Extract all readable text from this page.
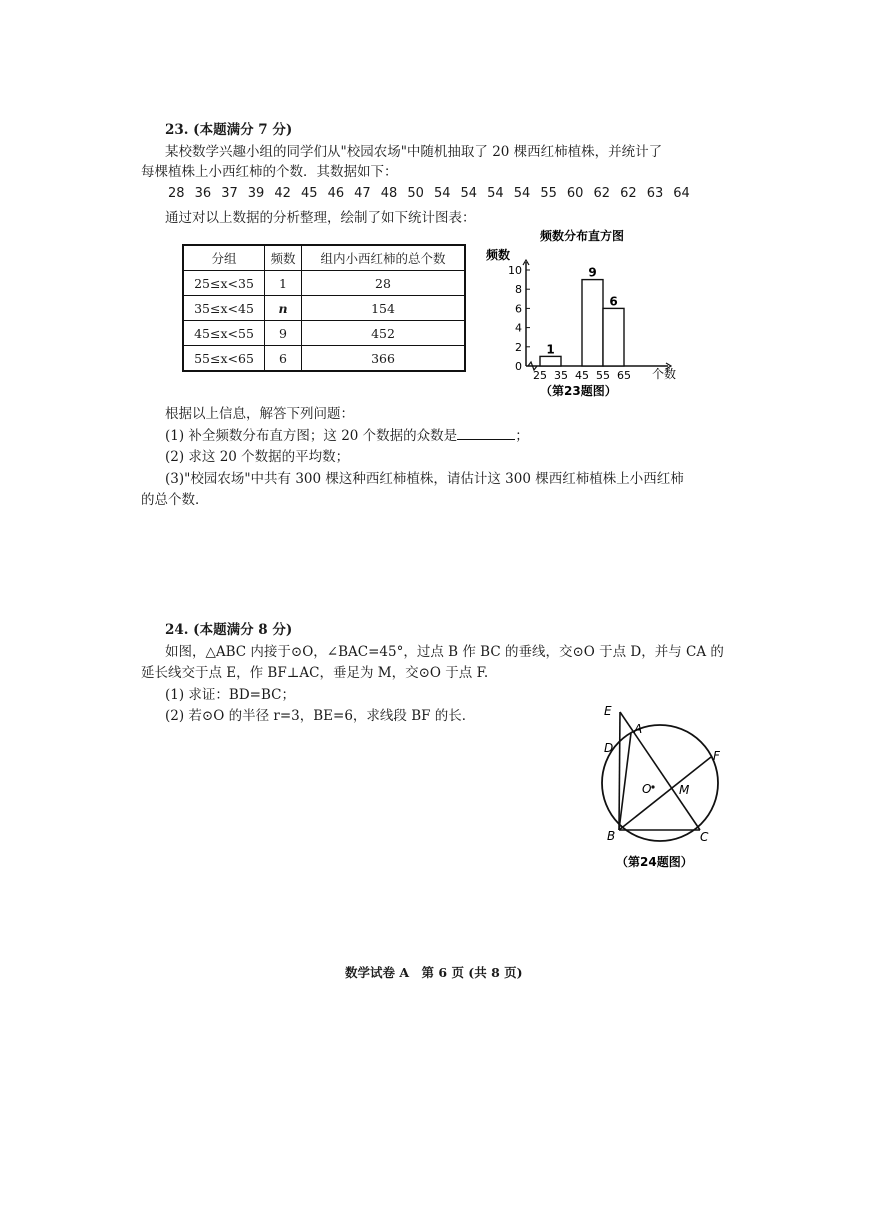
23. (本题满分 7 分)
某校数学兴趣小组的同学们从"校园农场"中随机抽取了 20 棵西红柿植株，并统计了
每棵植株上小西红柿的个数．其数据如下：
28 36 37 39 42 45 46 47 48 50 54 54 54 54 55 60 62 62 63 64
通过对以上数据的分析整理，绘制了如下统计图表：
分组	频数	组内小西红柿的总个数
25≤x<35	1	28
35≤x<45	n	154
45≤x<55	9	452
55≤x<65	6	366
频数分布直方图
频数
个数
（第23题图）
0
2
4
6
8
10
25 35 45 55 65
1
9
6
根据以上信息，解答下列问题：
(1) 补全频数分布直方图；这 20 个数据的众数是	；
(2) 求这 20 个数据的平均数；
(3)"校园农场"中共有 300 棵这种西红柿植株，请估计这 300 棵西红柿植株上小西红柿
的总个数．
24. (本题满分 8 分)
如图，△ABC 内接于⊙O，∠BAC=45°，过点 B 作 BC 的垂线，交⊙O 于点 D，并与 CA 的
延长线交于点 E，作 BF⊥AC，垂足为 M，交⊙O 于点 F.
(1) 求证：BD=BC；
(2) 若⊙O 的半径 r=3，BE=6，求线段 BF 的长．	E
A
D
F
O M
B	C
（第24题图）
数学试卷 A　第 6 页 (共 8 页)
